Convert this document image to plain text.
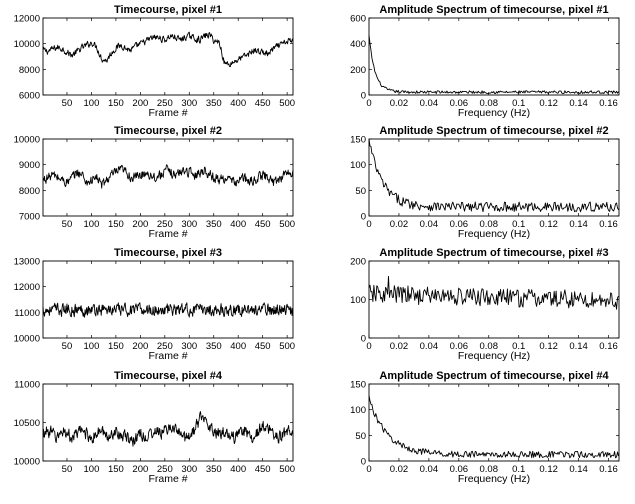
Timecourse, pixel #1
50 100 150 200 250 300 350 400 450 500
6000
8000
10000
12000
Frame #
Amplitude Spectrum of timecourse, pixel #1
0 0.02 0.04 0.06 0.08 0.1 0.12 0.14 0.16
0
200
400
600
Frequency (Hz)
Timecourse, pixel #2
50 100 150 200 250 300 350 400 450 500
7000
8000
9000
10000
Frame #
Amplitude Spectrum of timecourse, pixel #2
0 0.02 0.04 0.06 0.08 0.1 0.12 0.14 0.16
0
50
100
150
Frequency (Hz)
Timecourse, pixel #3
50 100 150 200 250 300 350 400 450 500
10000
11000
12000
13000
Frame #
Amplitude Spectrum of timecourse, pixel #3
0 0.02 0.04 0.06 0.08 0.1 0.12 0.14 0.16
0
100
200
Frequency (Hz)
Timecourse, pixel #4
50 100 150 200 250 300 350 400 450 500
10000
10500
11000
Frame #
Amplitude Spectrum of timecourse, pixel #4
0 0.02 0.04 0.06 0.08 0.1 0.12 0.14 0.16
0
50
100
150
Frequency (Hz)
